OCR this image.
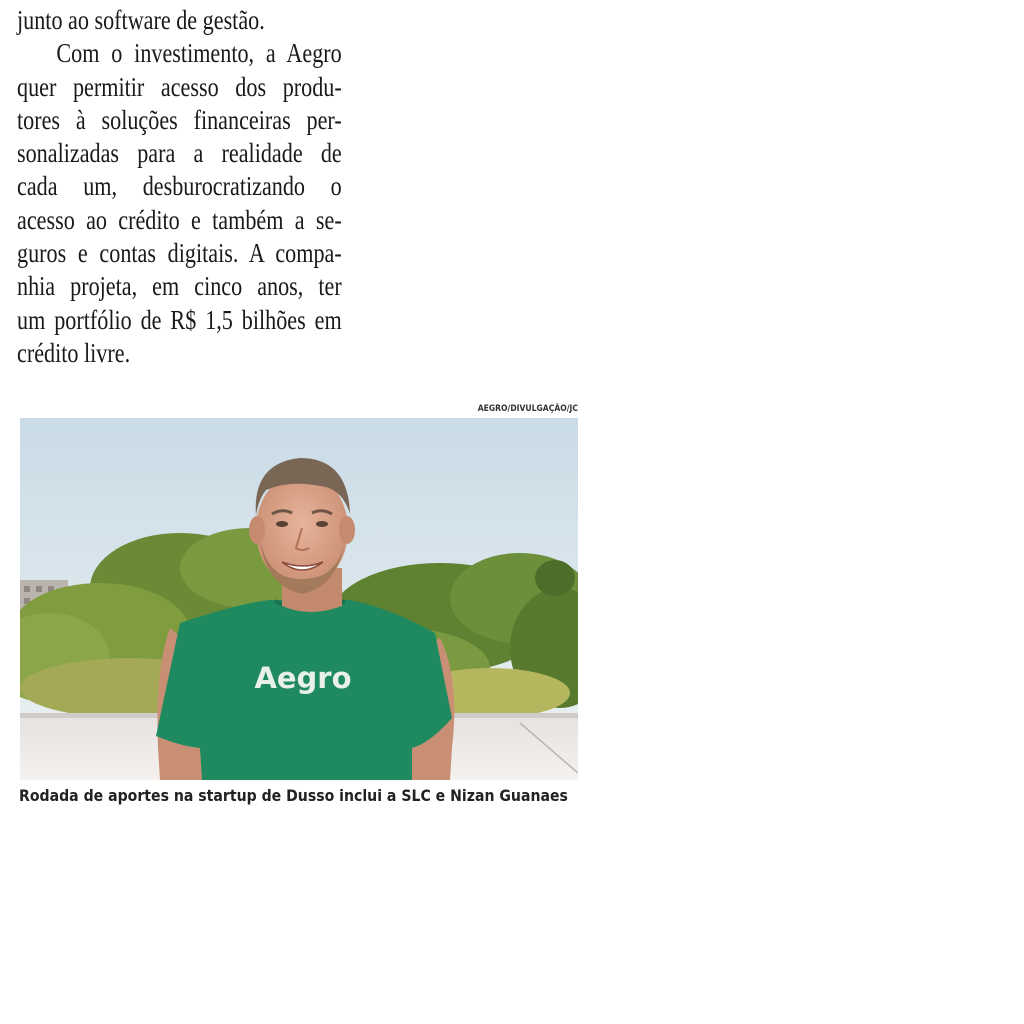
junto ao software de gestão.
Com o investimento, a Aegro
quer permitir acesso dos produ-
tores à soluções financeiras per-
sonalizadas para a realidade de
cada um, desburocratizando o
acesso ao crédito e também a se-
guros e contas digitais. A compa-
nhia projeta, em cinco anos, ter
um portfólio de R$ 1,5 bilhões em
crédito livre.
AEGRO/DIVULGAÇÃO/JC
Aegro
Rodada de aportes na startup de Dusso inclui a SLC e Nizan Guanaes
